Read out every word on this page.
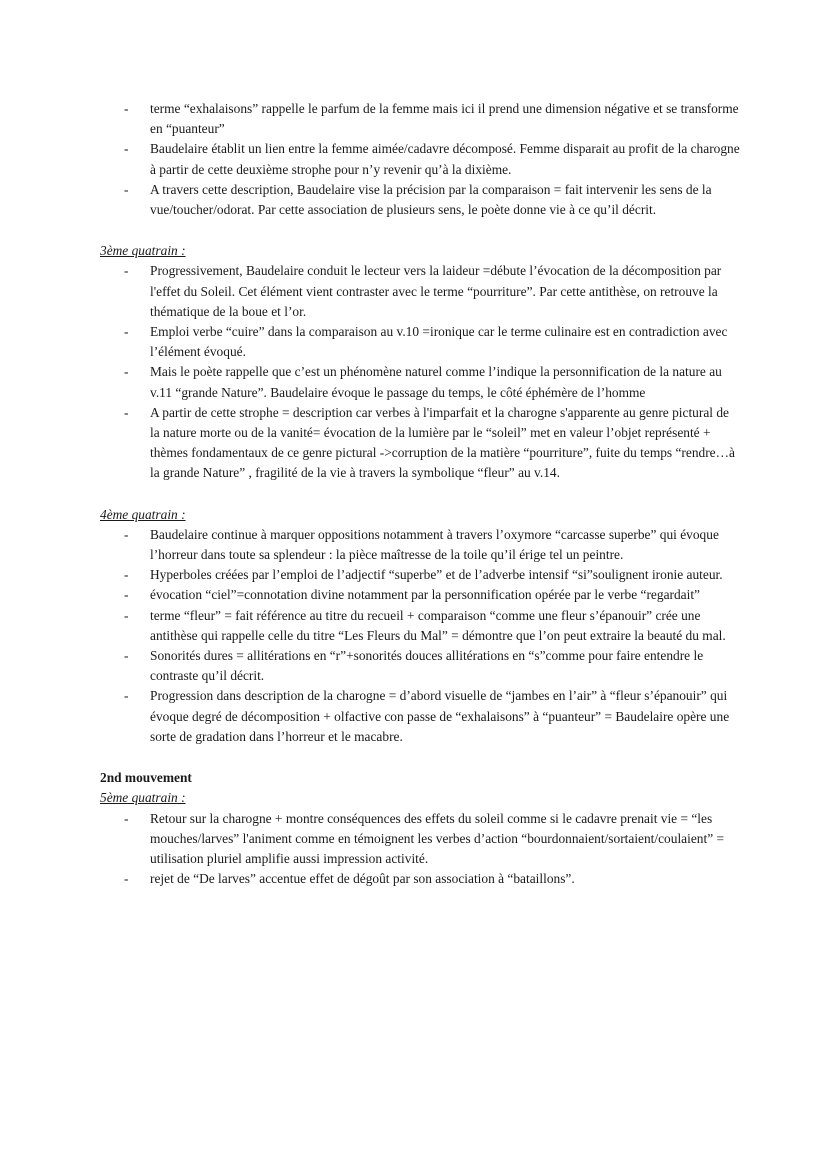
- terme “exhalaisons” rappelle le parfum de la femme mais ici il prend une dimension négative et se transforme en “puanteur”
- Baudelaire établit un lien entre la femme aimée/cadavre décomposé. Femme disparait au profit de la charogne à partir de cette deuxième strophe pour n’y revenir qu’à la dixième.
- A travers cette description, Baudelaire vise la précision par la comparaison = fait intervenir les sens de la vue/toucher/odorat. Par cette association de plusieurs sens, le poète donne vie à ce qu’il décrit.
3ème quatrain :
- Progressivement, Baudelaire conduit le lecteur vers la laideur =débute l’évocation de la décomposition par l'effet du Soleil. Cet élément vient contraster avec le terme “pourriture”. Par cette antithèse, on retrouve la thématique de la boue et l’or.
- Emploi verbe “cuire” dans la comparaison au v.10 =ironique car le terme culinaire est en contradiction avec l’élément évoqué.
- Mais le poète rappelle que c’est un phénomène naturel comme l’indique la personnification de la nature au v.11 “grande Nature”. Baudelaire évoque le passage du temps, le côté éphémère de l’homme
- A partir de cette strophe = description car verbes à l'imparfait et la charogne s'apparente au genre pictural de la nature morte ou de la vanité= évocation de la lumière par le “soleil” met en valeur l’objet représenté + thèmes fondamentaux de ce genre pictural ->corruption de la matière “pourriture”, fuite du temps “rendre…à la grande Nature” , fragilité de la vie à travers la symbolique “fleur” au v.14.
4ème quatrain :
- Baudelaire continue à marquer oppositions notamment à travers l’oxymore “carcasse superbe” qui évoque l’horreur dans toute sa splendeur : la pièce maîtresse de la toile qu’il érige tel un peintre.
- Hyperboles créées par l’emploi de l’adjectif “superbe” et de l’adverbe intensif “si”soulignent ironie auteur.
- évocation “ciel”=connotation divine notamment par la personnification opérée par le verbe “regardait”
- terme “fleur” = fait référence au titre du recueil + comparaison “comme une fleur s’épanouir” crée une antithèse qui rappelle celle du titre “Les Fleurs du Mal” = démontre que l’on peut extraire la beauté du mal.
- Sonorités dures = allitérations en “r”+sonorités douces allitérations en “s”comme pour faire entendre le contraste qu’il décrit.
- Progression dans description de la charogne = d’abord visuelle de “jambes en l’air” à “fleur s’épanouir” qui évoque degré de décomposition + olfactive con passe de “exhalaisons” à “puanteur” = Baudelaire opère une sorte de gradation dans l’horreur et le macabre.
2nd mouvement
5ème quatrain :
- Retour sur la charogne + montre conséquences des effets du soleil comme si le cadavre prenait vie = “les mouches/larves” l'animent comme en témoignent les verbes d’action “bourdonnaient/sortaient/coulaient” = utilisation pluriel amplifie aussi impression activité.
- rejet de “De larves” accentue effet de dégoût par son association à “bataillons”.
